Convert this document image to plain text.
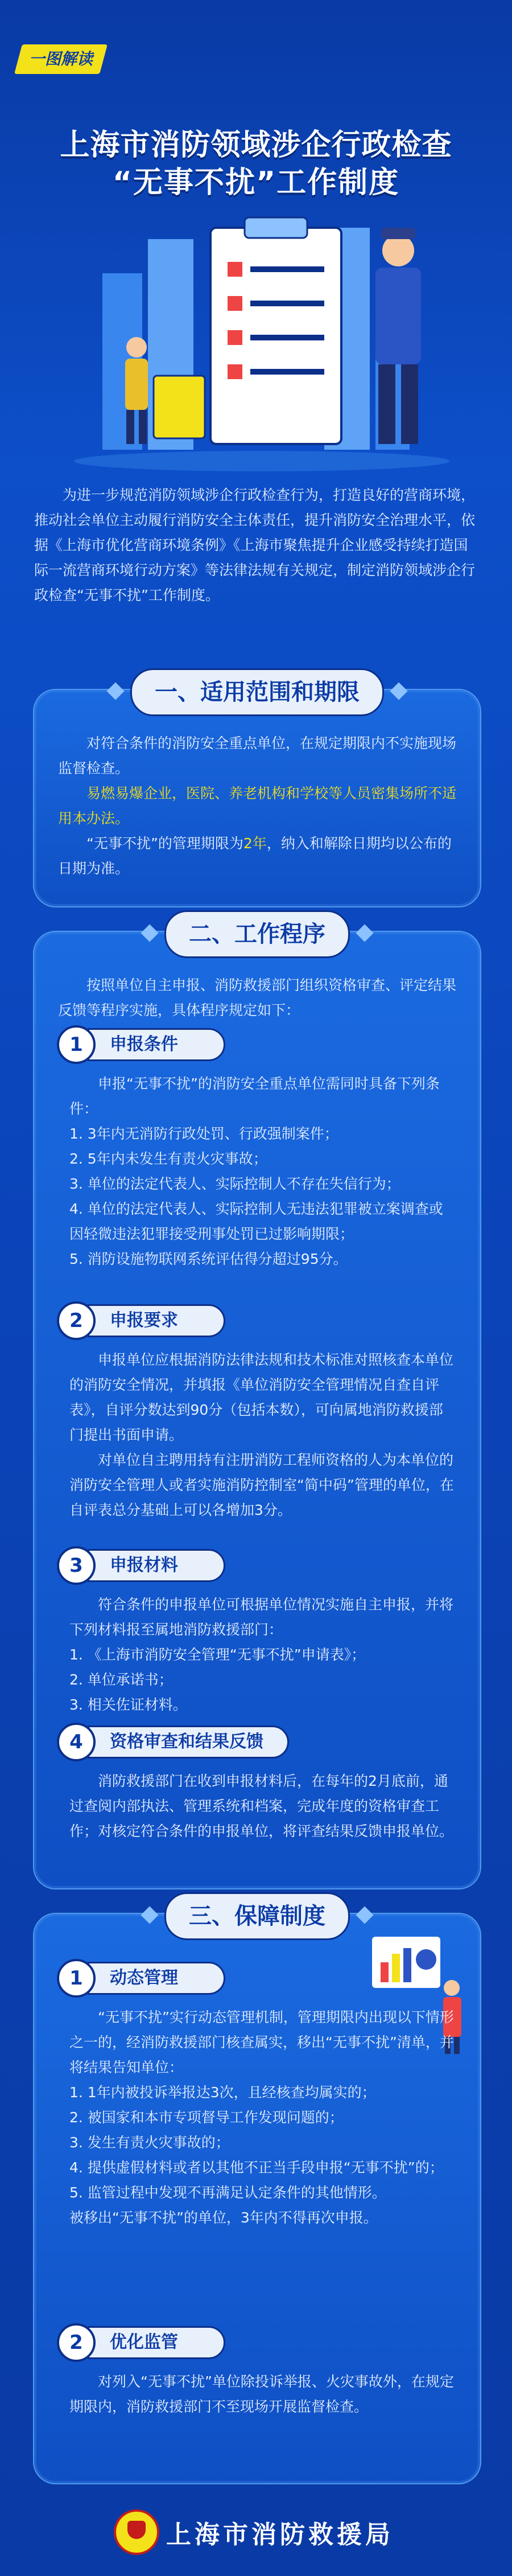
一图解读
上海市消防领域涉企行政检查
“无事不扰”工作制度
为进一步规范消防领域涉企行政检查行为，打造良好的营商环境，推动社会单位主动履行消防安全主体责任，提升消防安全治理水平，依据《上海市优化营商环境条例》《上海市聚焦提升企业感受持续打造国际一流营商环境行动方案》等法律法规有关规定，制定消防领域涉企行政检查“无事不扰”工作制度。
一、适用范围和期限
对符合条件的消防安全重点单位，在规定期限内不实施现场监督检查。
易燃易爆企业，医院、养老机构和学校等人员密集场所不适用本办法。
“无事不扰”的管理期限为2年，纳入和解除日期均以公布的日期为准。
二、工作程序
按照单位自主申报、消防救援部门组织资格审查、评定结果反馈等程序实施，具体程序规定如下：
1	申报条件
申报“无事不扰”的消防安全重点单位需同时具备下列条件：
1. 3年内无消防行政处罚、行政强制案件；
2. 5年内未发生有责火灾事故；
3. 单位的法定代表人、实际控制人不存在失信行为；
4. 单位的法定代表人、实际控制人无违法犯罪被立案调查或因轻微违法犯罪接受刑事处罚已过影响期限；
5. 消防设施物联网系统评估得分超过95分。
2	申报要求
申报单位应根据消防法律法规和技术标准对照核查本单位的消防安全情况，并填报《单位消防安全管理情况自查自评表》，自评分数达到90分（包括本数），可向属地消防救援部门提出书面申请。
对单位自主聘用持有注册消防工程师资格的人为本单位的消防安全管理人或者实施消防控制室“简中码”管理的单位，在自评表总分基础上可以各增加3分。
3	申报材料
符合条件的申报单位可根据单位情况实施自主申报，并将下列材料报至属地消防救援部门：
1. 《上海市消防安全管理“无事不扰”申请表》；
2. 单位承诺书；
3. 相关佐证材料。
4	资格审查和结果反馈
消防救援部门在收到申报材料后，在每年的2月底前，通过查阅内部执法、管理系统和档案，完成年度的资格审查工作；对核定符合条件的申报单位，将评查结果反馈申报单位。
三、保障制度
1	动态管理
“无事不扰”实行动态管理机制，管理期限内出现以下情形之一的，经消防救援部门核查属实，移出“无事不扰”清单，并将结果告知单位：
1. 1年内被投诉举报达3次，且经核查均属实的；
2. 被国家和本市专项督导工作发现问题的；
3. 发生有责火灾事故的；
4. 提供虚假材料或者以其他不正当手段申报“无事不扰”的；
5. 监管过程中发现不再满足认定条件的其他情形。
被移出“无事不扰”的单位，3年内不得再次申报。
2	优化监管
对列入“无事不扰”单位除投诉举报、火灾事故外，在规定期限内，消防救援部门不至现场开展监督检查。
上海市消防救援局
